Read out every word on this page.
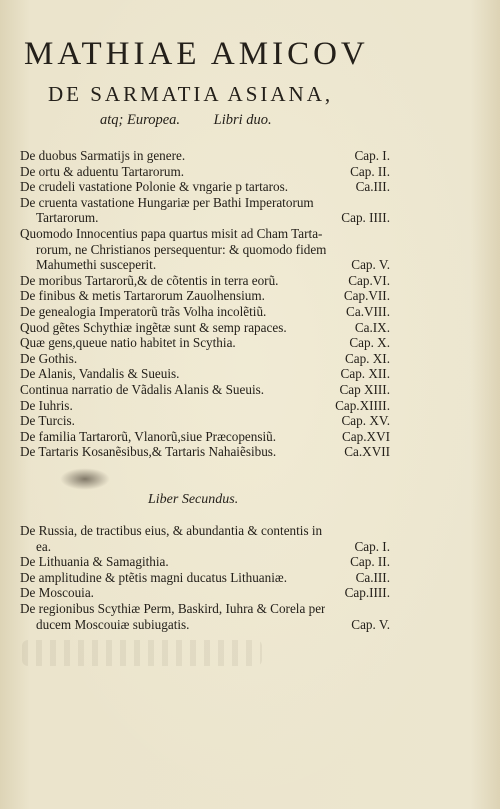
MATHIAE AMICOV
DE SARMATIA ASIANA,
atq; Europea. Libri duo.
De duobus Sarmatijs in genere.	Cap. I.
De ortu & aduentu Tartarorum.	Cap. II.
De crudeli vastatione Polonie & vngarie p tartaros.	Ca.III.
De cruenta vastatione Hungariæ per Bathi Imperatorum
Tartarorum.	Cap. IIII.
Quomodo Innocentius papa quartus misit ad Cham Tarta-
rorum, ne Christianos persequentur: & quomodo fidem
Mahumethi susceperit.	Cap. V.
De moribus Tartarorũ,& de cõtentis in terra eorũ.	Cap.VI.
De finibus & metis Tartarorum Zauolhensium.	Cap.VII.
De genealogia Imperatorũ trãs Volha incolẽtiũ.	Ca.VIII.
Quod gẽtes Schythiæ ingẽtæ sunt & semp rapaces.	Ca.IX.
Quæ gens,queue natio habitet in Scythia.	Cap. X.
De Gothis.	Cap. XI.
De Alanis, Vandalis & Sueuis.	Cap. XII.
Continua narratio de Vãdalis Alanis & Sueuis.	Cap XIII.
De Iuhris.	Cap.XIIII.
De Turcis.	Cap. XV.
De familia Tartarorũ, Vlanorũ,siue Præcopensiũ.	Cap.XVI
De Tartaris Kosanẽsibus,& Tartaris Nahaiẽsibus.	Ca.XVII
Liber Secundus.
De Russia, de tractibus eius, & abundantia & contentis in
ea.	Cap. I.
De Lithuania & Samagithia.	Cap. II.
De amplitudine & ptẽtis magni ducatus Lithuaniæ.	Ca.III.
De Moscouia.	Cap.IIII.
De regionibus Scythiæ Perm, Baskird, Iuhra & Corela per
ducem Moscouiæ subiugatis.	Cap. V.
